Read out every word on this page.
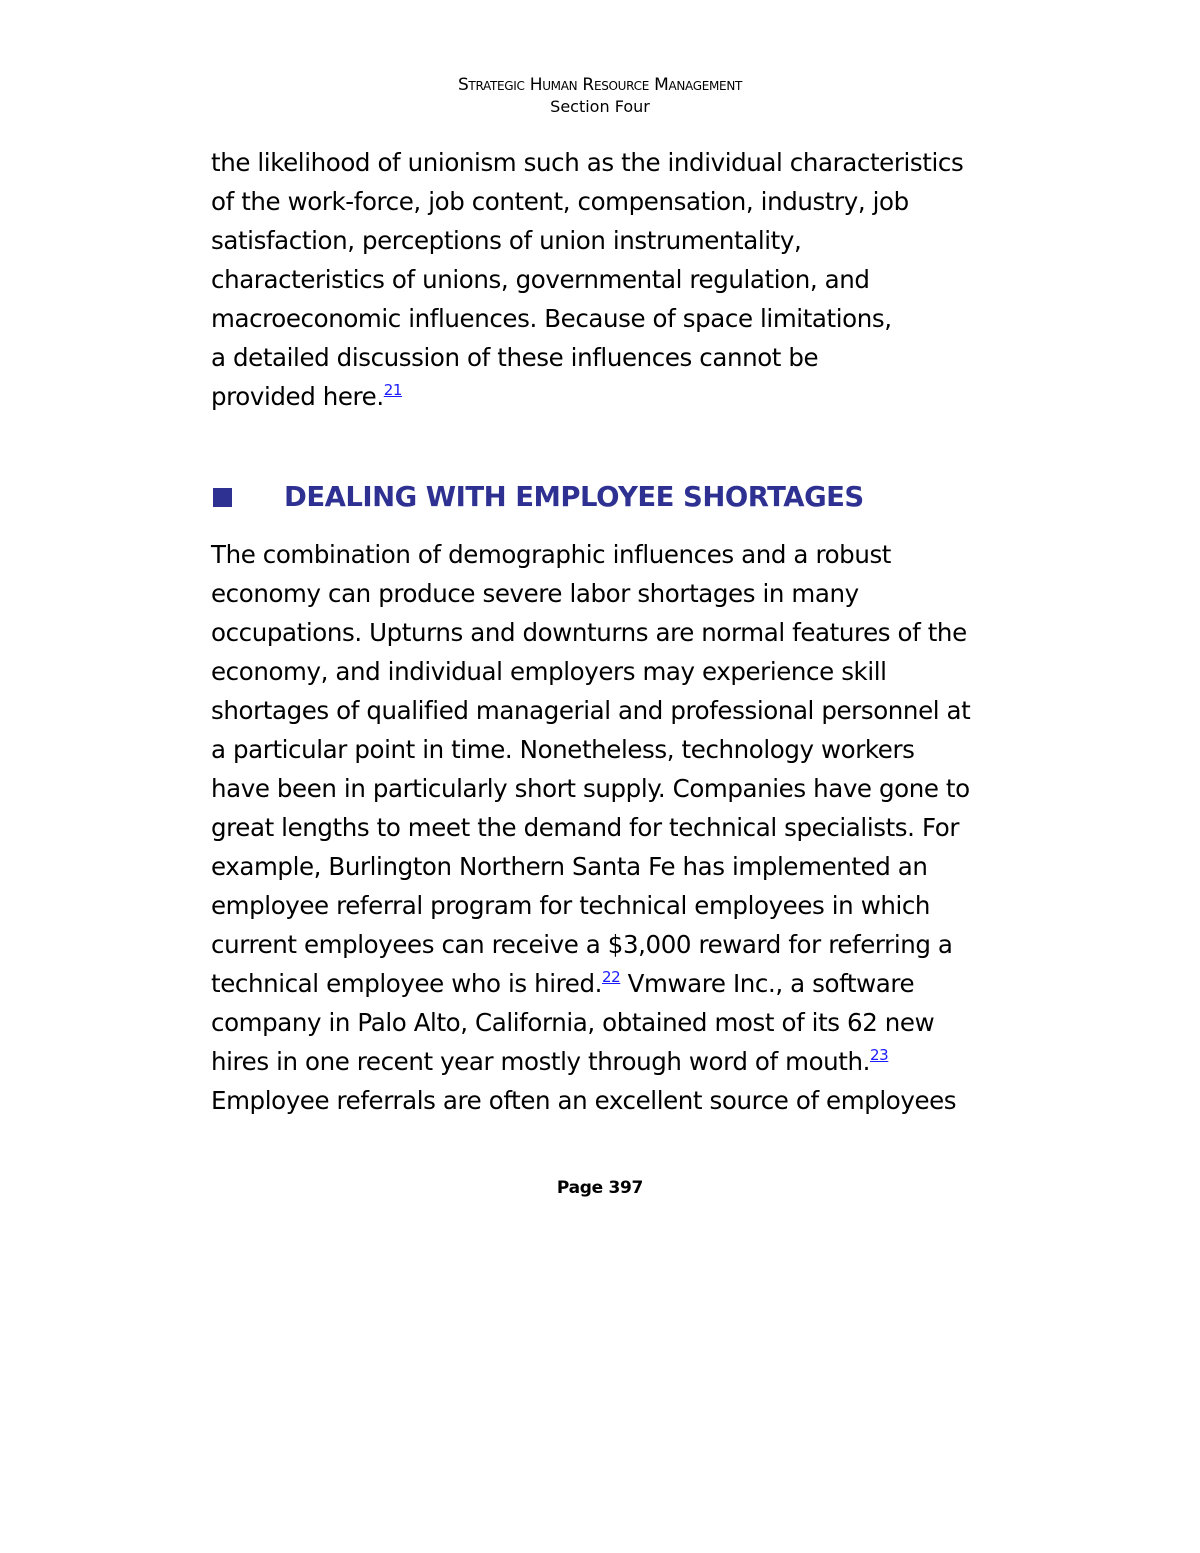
Strategic Human Resource Management
Section Four
the likelihood of unionism such as the individual characteristics
of the work-force, job content, compensation, industry, job
satisfaction, perceptions of union instrumentality,
characteristics of unions, governmental regulation, and
macroeconomic influences. Because of space limitations,
a detailed discussion of these influences cannot be
provided here.$^{21}$
DEALING WITH EMPLOYEE SHORTAGES
The combination of demographic influences and a robust
economy can produce severe labor shortages in many
occupations. Upturns and downturns are normal features of the
economy, and individual employers may experience skill
shortages of qualified managerial and professional personnel at
a particular point in time. Nonetheless, technology workers
have been in particularly short supply. Companies have gone to
great lengths to meet the demand for technical specialists. For
example, Burlington Northern Santa Fe has implemented an
employee referral program for technical employees in which
current employees can receive a $3,000 reward for referring a
technical employee who is hired.$^{22}$ Vmware Inc., a software
company in Palo Alto, California, obtained most of its 62 new
hires in one recent year mostly through word of mouth.$^{23}$
Employee referrals are often an excellent source of employees
Page 397
